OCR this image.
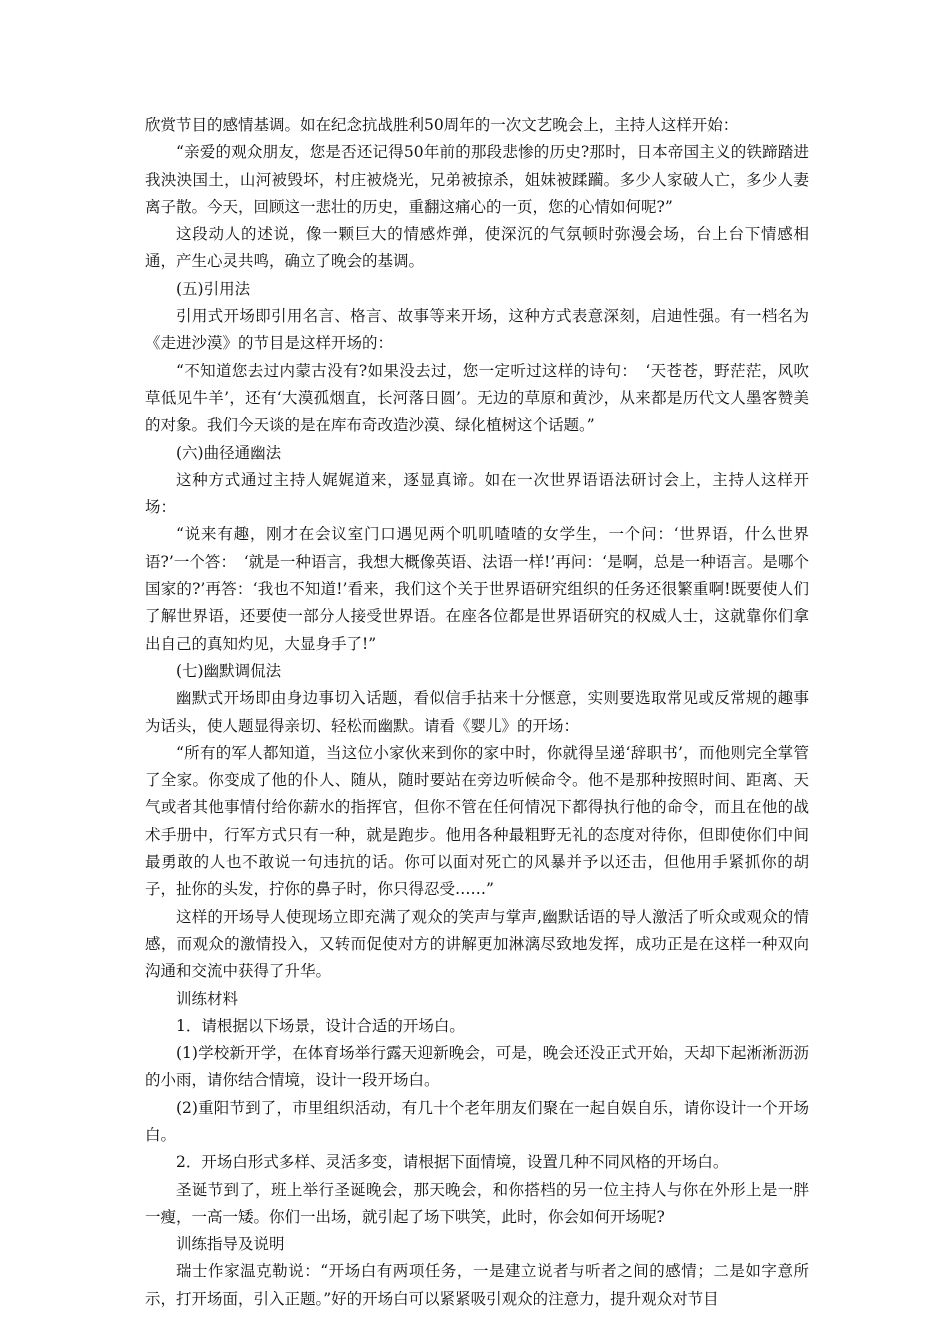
欣赏节目的感情基调。如在纪念抗战胜利50周年的一次文艺晚会上，主持人这样开始：

“亲爱的观众朋友，您是否还记得50年前的那段悲惨的历史?那时，日本帝国主义的铁蹄踏进我泱泱国土，山河被毁坏，村庄被烧光，兄弟被掠杀，姐妹被蹂躏。多少人家破人亡，多少人妻离子散。今天，回顾这一悲壮的历史，重翻这痛心的一页，您的心情如何呢?”

这段动人的述说，像一颗巨大的情感炸弹，使深沉的气氛顿时弥漫会场，台上台下情感相通，产生心灵共鸣，确立了晚会的基调。

(五)引用法

引用式开场即引用名言、格言、故事等来开场，这种方式表意深刻，启迪性强。有一档名为《走进沙漠》的节目是这样开场的：

“不知道您去过内蒙古没有?如果没去过，您一定听过这样的诗句：　‘天苍苍，野茫茫，风吹草低见牛羊’，还有‘大漠孤烟直，长河落日圆’。无边的草原和黄沙，从来都是历代文人墨客赞美的对象。我们今天谈的是在库布奇改造沙漠、绿化植树这个话题。”

(六)曲径通幽法

这种方式通过主持人娓娓道来，逐显真谛。如在一次世界语语法研讨会上，主持人这样开场：

“说来有趣，刚才在会议室门口遇见两个叽叽喳喳的女学生，一个问：‘世界语，什么世界语?’一个答：　‘就是一种语言，我想大概像英语、法语一样!’再问：‘是啊，总是一种语言。是哪个国家的?’再答：‘我也不知道!’看来，我们这个关于世界语研究组织的任务还很繁重啊!既要使人们了解世界语，还要使一部分人接受世界语。在座各位都是世界语研究的权威人士，这就靠你们拿出自己的真知灼见，大显身手了!”

(七)幽默调侃法

幽默式开场即由身边事切入话题，看似信手拈来十分惬意，实则要选取常见或反常规的趣事为话头，使人题显得亲切、轻松而幽默。请看《婴儿》的开场：

“所有的军人都知道，当这位小家伙来到你的家中时，你就得呈递‘辞职书’，而他则完全掌管了全家。你变成了他的仆人、随从，随时要站在旁边听候命令。他不是那种按照时间、距离、天气或者其他事情付给你薪水的指挥官，但你不管在任何情况下都得执行他的命令，而且在他的战术手册中，行军方式只有一种，就是跑步。他用各种最粗野无礼的态度对待你，但即使你们中间最勇敢的人也不敢说一句违抗的话。你可以面对死亡的风暴并予以还击，但他用手紧抓你的胡子，扯你的头发，拧你的鼻子时，你只得忍受……”

这样的开场导人使现场立即充满了观众的笑声与掌声,幽默话语的导人激活了听众或观众的情感，而观众的激情投入，又转而促使对方的讲解更加淋漓尽致地发挥，成功正是在这样一种双向沟通和交流中获得了升华。

训练材料

1．请根据以下场景，设计合适的开场白。

(1)学校新开学，在体育场举行露天迎新晚会，可是，晚会还没正式开始，天却下起淅淅沥沥的小雨，请你结合情境，设计一段开场白。

(2)重阳节到了，市里组织活动，有几十个老年朋友们聚在一起自娱自乐，请你设计一个开场白。

2．开场白形式多样、灵活多变，请根据下面情境，设置几种不同风格的开场白。

圣诞节到了，班上举行圣诞晚会，那天晚会，和你搭档的另一位主持人与你在外形上是一胖一瘦，一高一矮。你们一出场，就引起了场下哄笑，此时，你会如何开场呢?

训练指导及说明

瑞士作家温克勒说：“开场白有两项任务，一是建立说者与听者之间的感情；二是如字意所示，打开场面，引入正题。”好的开场白可以紧紧吸引观众的注意力，提升观众对节目
